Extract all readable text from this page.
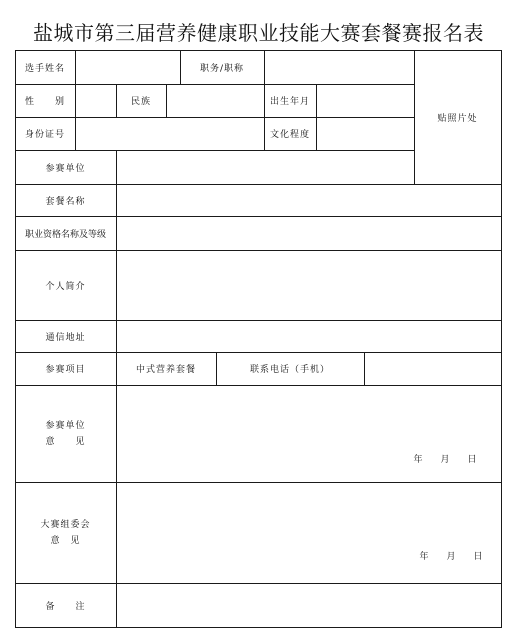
盐城市第三届营养健康职业技能大赛套餐赛报名表
选手姓名	职务/职称
贴照片处
性　　别	民族	出生年月
身份证号	文化程度
参赛单位
套餐名称
职业资格名称及等级
个人简介
通信地址
参赛项目	中式营养套餐	联系电话（手机）
参赛单位
意　　见
年　　月　　日
大赛组委会
意　见
年　　月　　日
备　　注
